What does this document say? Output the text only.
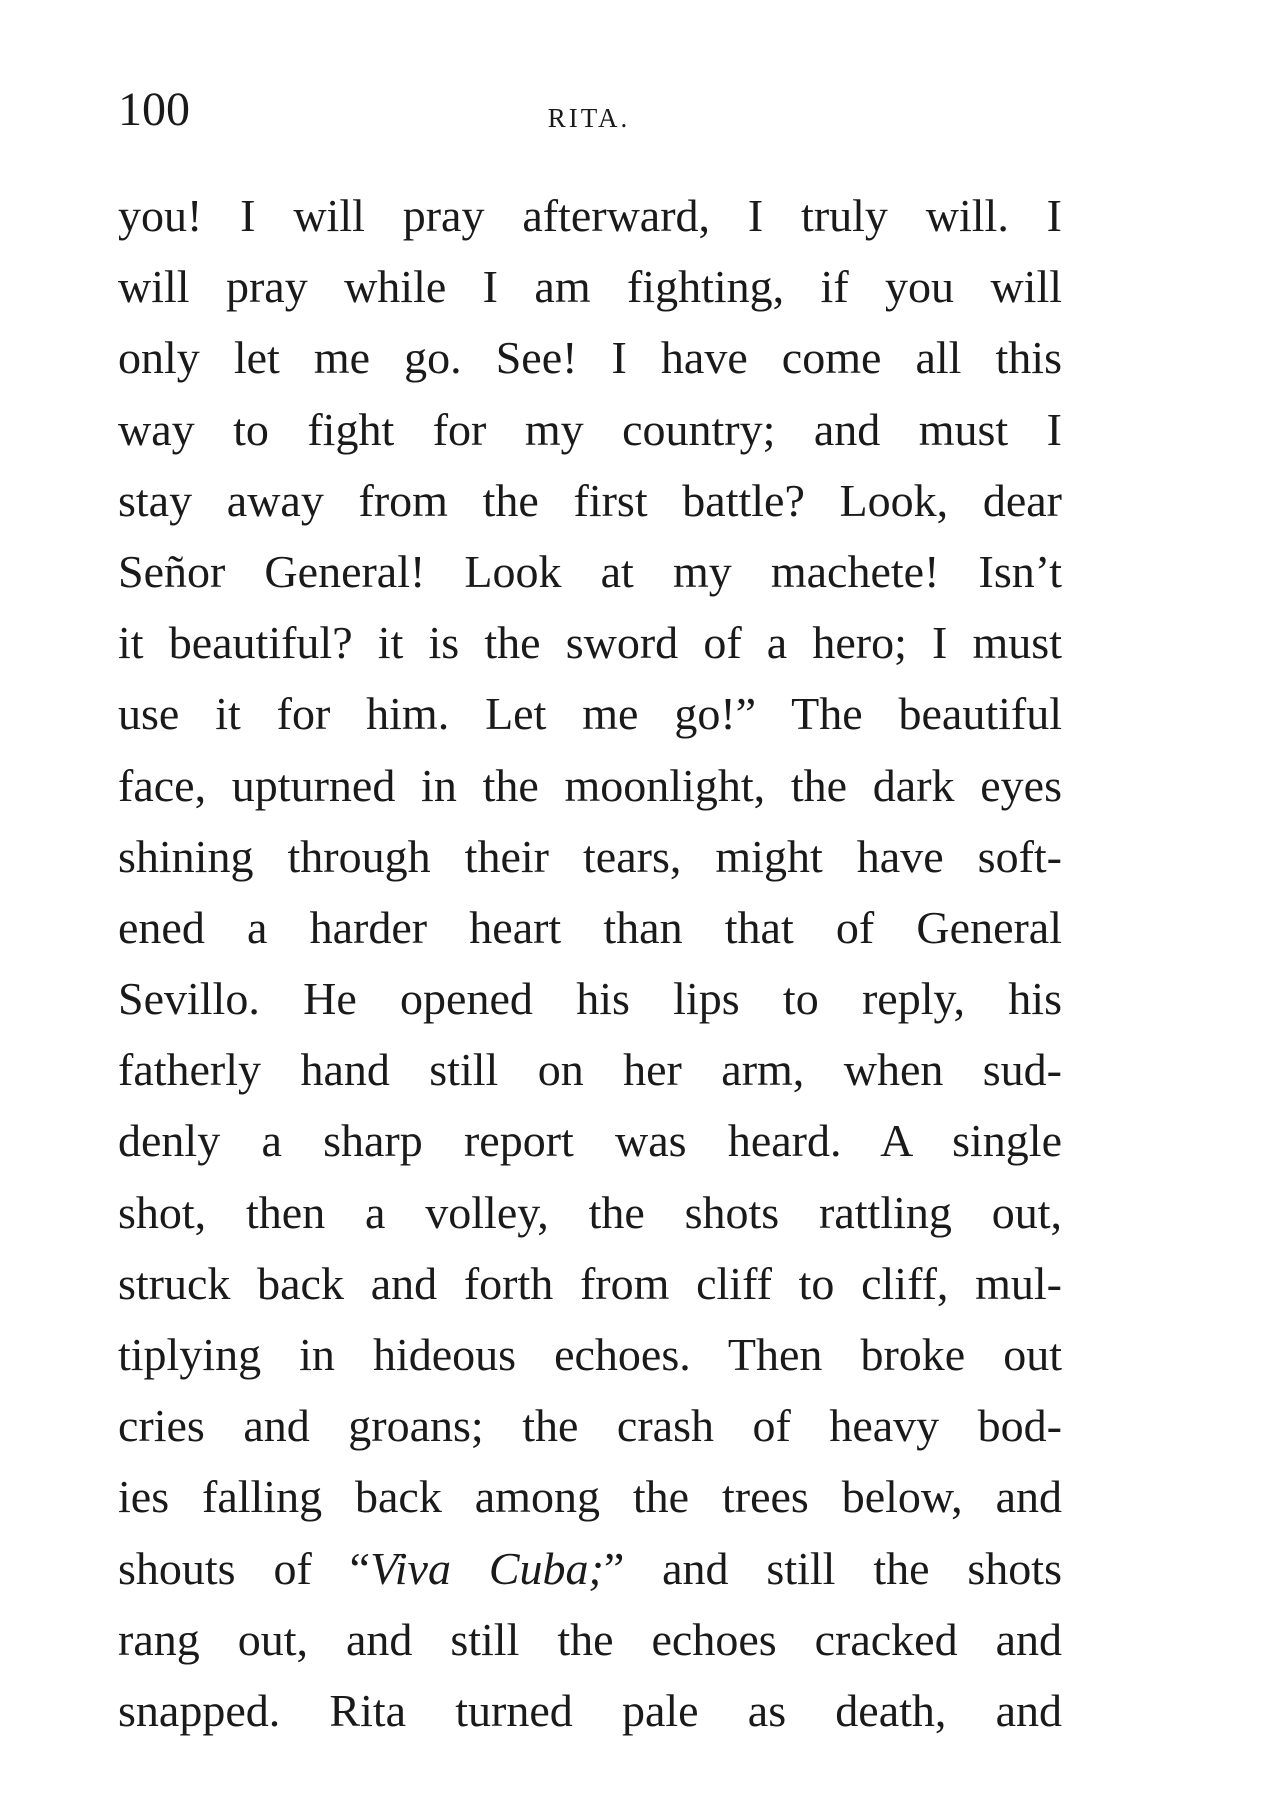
100	RITA.
you! I will pray afterward, I truly will. I
will pray while I am fighting, if you will
only let me go. See! I have come all this
way to fight for my country; and must I
stay away from the first battle? Look, dear
Señor General! Look at my machete! Isn’t
it beautiful? it is the sword of a hero; I must
use it for him. Let me go!” The beautiful
face, upturned in the moonlight, the dark eyes
shining through their tears, might have soft-
ened a harder heart than that of General
Sevillo. He opened his lips to reply, his
fatherly hand still on her arm, when sud-
denly a sharp report was heard. A single
shot, then a volley, the shots rattling out,
struck back and forth from cliff to cliff, mul-
tiplying in hideous echoes. Then broke out
cries and groans; the crash of heavy bod-
ies falling back among the trees below, and
shouts of “Viva Cuba;” and still the shots
rang out, and still the echoes cracked and
snapped. Rita turned pale as death, and
